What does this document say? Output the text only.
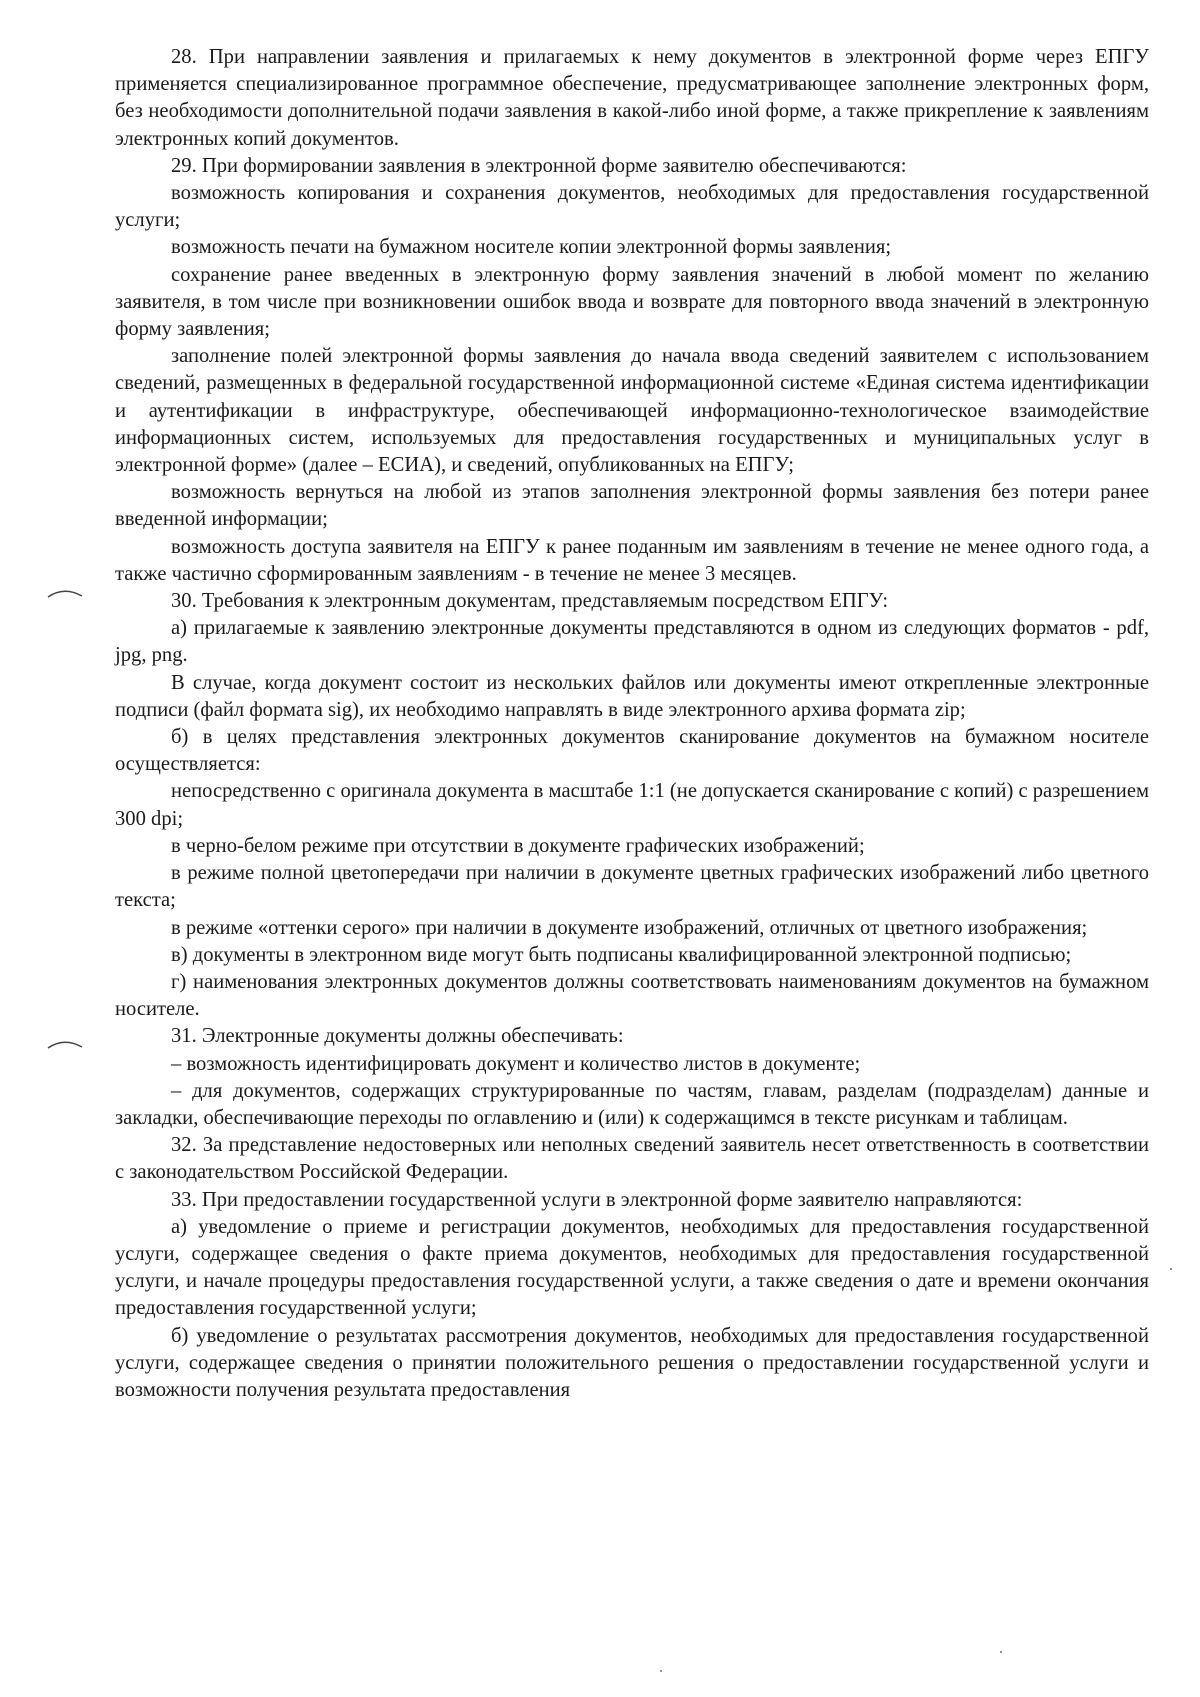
28. При направлении заявления и прилагаемых к нему документов в электронной форме через ЕПГУ применяется специализированное программное обеспечение, предусматривающее заполнение электронных форм, без необходимости дополнительной подачи заявления в какой-либо иной форме, а также прикрепление к заявлениям электронных копий документов.

29. При формировании заявления в электронной форме заявителю обеспечиваются:

возможность копирования и сохранения документов, необходимых для предоставления государственной услуги;

возможность печати на бумажном носителе копии электронной формы заявления;

сохранение ранее введенных в электронную форму заявления значений в любой момент по желанию заявителя, в том числе при возникновении ошибок ввода и возврате для повторного ввода значений в электронную форму заявления;

заполнение полей электронной формы заявления до начала ввода сведений заявителем с использованием сведений, размещенных в федеральной государственной информационной системе «Единая система идентификации и аутентификации в инфраструктуре, обеспечивающей информационно-технологическое взаимодействие информационных систем, используемых для предоставления государственных и муниципальных услуг в электронной форме» (далее – ЕСИА), и сведений, опубликованных на ЕПГУ;

возможность вернуться на любой из этапов заполнения электронной формы заявления без потери ранее введенной информации;

возможность доступа заявителя на ЕПГУ к ранее поданным им заявлениям в течение не менее одного года, а также частично сформированным заявлениям - в течение не менее 3 месяцев.

30. Требования к электронным документам, представляемым посредством ЕПГУ:

а) прилагаемые к заявлению электронные документы представляются в одном из следующих форматов - pdf, jpg, png.

В случае, когда документ состоит из нескольких файлов или документы имеют открепленные электронные подписи (файл формата sig), их необходимо направлять в виде электронного архива формата zip;

б) в целях представления электронных документов сканирование документов на бумажном носителе осуществляется:

непосредственно с оригинала документа в масштабе 1:1 (не допускается сканирование с копий) с разрешением 300 dpi;

в черно-белом режиме при отсутствии в документе графических изображений;

в режиме полной цветопередачи при наличии в документе цветных графических изображений либо цветного текста;

в режиме «оттенки серого» при наличии в документе изображений, отличных от цветного изображения;

в) документы в электронном виде могут быть подписаны квалифицированной электронной подписью;

г) наименования электронных документов должны соответствовать наименованиям документов на бумажном носителе.

31. Электронные документы должны обеспечивать:

– возможность идентифицировать документ и количество листов в документе;

– для документов, содержащих структурированные по частям, главам, разделам (подразделам) данные и закладки, обеспечивающие переходы по оглавлению и (или) к содержащимся в тексте рисункам и таблицам.

32. За представление недостоверных или неполных сведений заявитель несет ответственность в соответствии с законодательством Российской Федерации.

33. При предоставлении государственной услуги в электронной форме заявителю направляются:

а) уведомление о приеме и регистрации документов, необходимых для предоставления государственной услуги, содержащее сведения о факте приема документов, необходимых для предоставления государственной услуги, и начале процедуры предоставления государственной услуги, а также сведения о дате и времени окончания предоставления государственной услуги;

б) уведомление о результатах рассмотрения документов, необходимых для предоставления государственной услуги, содержащее сведения о принятии положительного решения о предоставлении государственной услуги и возможности получения результата предоставления
